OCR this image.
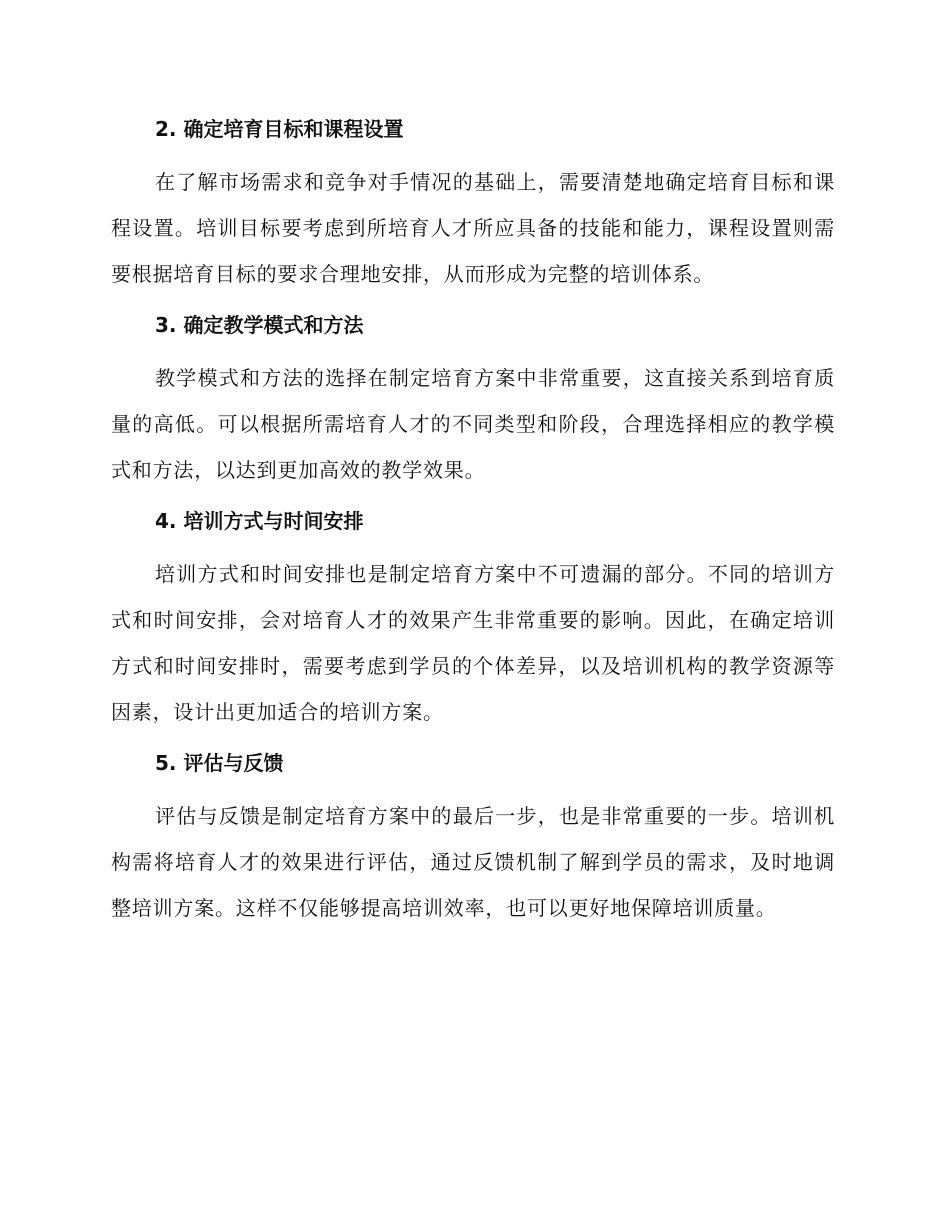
2. 确定培育目标和课程设置

在了解市场需求和竞争对手情况的基础上，需要清楚地确定培育目标和课程设置。培训目标要考虑到所培育人才所应具备的技能和能力，课程设置则需要根据培育目标的要求合理地安排，从而形成为完整的培训体系。

3. 确定教学模式和方法

教学模式和方法的选择在制定培育方案中非常重要，这直接关系到培育质量的高低。可以根据所需培育人才的不同类型和阶段，合理选择相应的教学模式和方法，以达到更加高效的教学效果。

4. 培训方式与时间安排

培训方式和时间安排也是制定培育方案中不可遗漏的部分。不同的培训方式和时间安排，会对培育人才的效果产生非常重要的影响。因此，在确定培训方式和时间安排时，需要考虑到学员的个体差异，以及培训机构的教学资源等因素，设计出更加适合的培训方案。

5. 评估与反馈

评估与反馈是制定培育方案中的最后一步，也是非常重要的一步。培训机构需将培育人才的效果进行评估，通过反馈机制了解到学员的需求，及时地调整培训方案。这样不仅能够提高培训效率，也可以更好地保障培训质量。
